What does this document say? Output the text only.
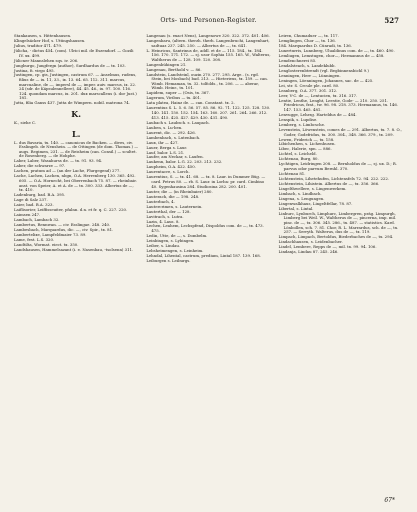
Orts- und Personen-Register.	527
Stankausen, s. Hittenhausen.
Klingelsäcker Hof, s. Uttingshausen.
Julius, traditor 471. 479.
Jülicha, - dictus 454. (com). Ulrici mil. de Eszendorf. — Gozili IV. xx. 499.
Jülicner Mannslehen sqs. iv. 206.
Jungburgo, Jungfergn (author), Surdhardus de — tx. 103.
Justina, fi. virgo 495.
Justingen, cp. gis, Justingen, castrum 67. — Anselmus, rudens, filius de — ix. 11, 33., ix. 13. 64. 65. 112. 311. marcus, marcualine, de —, impersl de —, imper. auiv. marcus, ix. 22. 24 (sdr. de Käpsulennellere), 44. 45. 46., ix. 97. 100. 116. 124. quondam marcus, ix. 201. dux marscalleus (i. dor Just.) 181.
Jutta, filia Ganss 437. Jutta de Wimpern. nobil. matrona 74.
K.
K., siehe C.
L.
L. dus Bavaria, tx. 140. — canonicus de Backen. — dives, civ. Esslingeb. de Nenshein. — de Ottingen (de dom. Thomas.) — augs. Regimen, 231. — de Reisheim (can. Consil.) — scultet. de Rosenberg. — de Hohphe.
Laber, Laber, Wasahurss de. — tx. 91. 93. 94.
Laber, die schwarze — 97.
Lachen, pratum ad — (an der Lache, Flurgegend) 277.
Lache, Lachen, Lachen, nbgn, O.A. Herrenberg 130. 365. 492. 605. — O.A. Hornecht, bei Oberrenbach 75. 87. — rheinbair. anst. von Speier, A. et A. de — tx. 300. 333. Albertus de —, tx. 410.
Ladenburg, bad. B.A. 395.
Lage di Salz 237.
Laier, bad. B.A. 323.
Laiflisorier, Leiffisseuiter, pfalnn. d.n. et fr. q. C. 227. 220.
Laimsen 247.
Lambach, Lambach 32.
Lambertus, Rennwan. — civ. Esslingae. 248. 240.
Lambesbach, Marquardus, dic. —, civ. Spir., tx. 81.
Lambertelixe, Lampfeldmaier 73. 89.
Lame, fest. L.S. 320.
Landtilta, Wormat. eiect. tx. 350.
Landshausen, Hammelsazant (i. e. Nasenbau, -tsolsenn) 311.
Langenau (s. exact Nens), Langenowe 320. 322. 372. 401. 406.
Langenbaru, (altern. therzh. therh. Langenbruchi, Langenhart, sadtuaz 237. 245. 250. — Albertus de —, tx. 641.
L. Heinricus, Santrinus de, addl. et de — 115. 184., tx. 184. 156. 170. 171. 172. — sj. usor Sophia 155. 165. W., Walterus, Waltherus de — 128. 109. 120. 308.
Langenbühingen 21.
Langenau, Berthold v. — 86.
Landstein, Landsteinl, ouzin 270. 277. 295. Arge.. (s. rgd. Stein, bei Mosbach) bad. 213. — Hieterieus, tx. 159. — can. Wimb. Hemaman, tx. 32. tolfolds., tx. 206. — — aberar, Wimb. Heinr., tx. 101.
Lapidem, super — (Osis, tx. 367.
Lagerum, Viribus — tx. 401.
Lata platea, Hainz de. — can. Constant. tx. 2.
Laurentius S. L. 5. 6. 56. 57. 85. 86. 92. 71. 122. 125. 128. 130. 140. 141. 150. 152. 154. 163. 160. 207. 261. 264. 266. 312. 413. 415. 425. 427. 429. 430. 431. 490.
Laubach s. Laubsch. s. Laupach.
Lauben, s. Lu-ben.
Laurent, dic. — 292. 426.
Lambenbach, s. Lutenbach.
Laux, ihr — 427.
Lauer, Berga s. Laur.
Lauf, balor. L.S. 21.
Laufer, am Neckar, s. Laufen.
Laukenn, balor. L.G. 22. 203. 213. 232.
Laupheim, O.A. 422. 450.
Laurentacre, s. Lorch.
Laurentius, S. — tx. 41. 68. — tx. 8. Laur. in Dummer Büg. — card. Petrus 80. — rb. S. Laur. in Lorba: pr. card. Cimbino 40. Sygenhausina 284. Studiosina 282. 200. 401.
Lauter, die — (in Rheinbaier) 280.
Lauterach, die — 198. 248.
Lauterbach, 4.
Lautercrimen, s. Lauternein.
Lauterthal, der — 128.
Lavitrach, s. Lutra.
Lazin, 4. Laus. 8.
Lechen, Leahem, Lechspfend, Dispoldus com. de —, tx. 473. 475.
Ledin, Utte, de —, s. Dombelm.
Leinbingen, s. Lybingen.
Leiber, s. Lindau.
Lebsheimengen, s. Leinheim.
Lehndal, Lihental, castrum, predium, Lintal 187. 139. 168.
Leiburgen s. Leiburgs.
Leiren, Chumaduer —, tx. 117.
Lemglingen, Chor —, tx. 136.
184. Marquardus D. Cünradi, tx. 136.
Lunerturris, Lunnberg, Ulualdinus com. de —, tx. 460. 490.
Lemliugen, Lemstugen, chor—, Hermannus de — 458.
Lemdenchnerei 85.
Lendalsteach, s. Landeklubb.
Lenglosterenbtrendt (vgl. Begbinnensbichl 9.)
Lenningen, Herr —, Lünningen.
Leningen, Löenningen, Johannes, sac. de — 425.
Lei, str. S. Crcule ple. card. 80.
Leanberg, O.A. 377. 301. 312.
Leer, V-C. de —, Lentucien, tx. 316. 317.
Lentie, Lenthe, Lenght, Leestie, Gode- — 210. 250. 251. Friedricus, frat., tw. 96. 98. 218. 373. Hermannus, tx. 146. 147. 153. 465. 481.
Lenvugge, Lehrzg. Harteldus de — 484.
Lenspik, s. Lupdise.
Lemberg, s. Limbcsche.
Levenstein, Löwenstein, comes de — 291. Albertus, tx. 7. 8. O., Goder, Godefridus, tx. 300. 304., 348. 366. 379., tx. 209.
Lewen, Friderich —, tx. 158.
Libichenhen, s. Lichenhusen.
Libec, Halerie, spn. — 886.
Lichtel, s. Leicheld.
Lichtenau, Burg, 80.
Lychtigen, Leidringen 208. — Bernholdus de —, sj. ux. D.; R. parvus odor parvum Bernhl. 370.
Lichtenau 81.
Lichtenstein, Lihetehufen, Lichtensfels 72. 94. 222. 222.
Lichtenstein, Lihistein. Albertus de —, tx. 356. 366.
Lingelthwellere, s. Lingenwerkem.
Limbach, s. Lindbach.
Lingena, s. Lengungen.
Lingenwalkhaus, Lingeltfellar, 78. 87.
Libertal, s. Lintal.
Linburc, Lynburch, Limphurc, Limbergren, präg. Limpurgh, Limberg bei Weil. W., Waltherus de —, pincerna, imp. mil. pinc. de —, tx. 306. 345. 286., tx. 487. — statistics. Kard. Lönbollen, sch. 7. 81. Chor, R. L. Marrardus, sch. de —, tx. 257. — Serryth. Walterus, dus de —, tx. 119.
Limpach, Limpach, Bertoldus, Biederbaches de —, tx. 294.
Lindachhausen, s. Leidenbacher.
Lindel, Lembere, Repps de —, mil. tx. 99. 94. 106.
Lindanja, Lindau 87. 245. 246.
67*
